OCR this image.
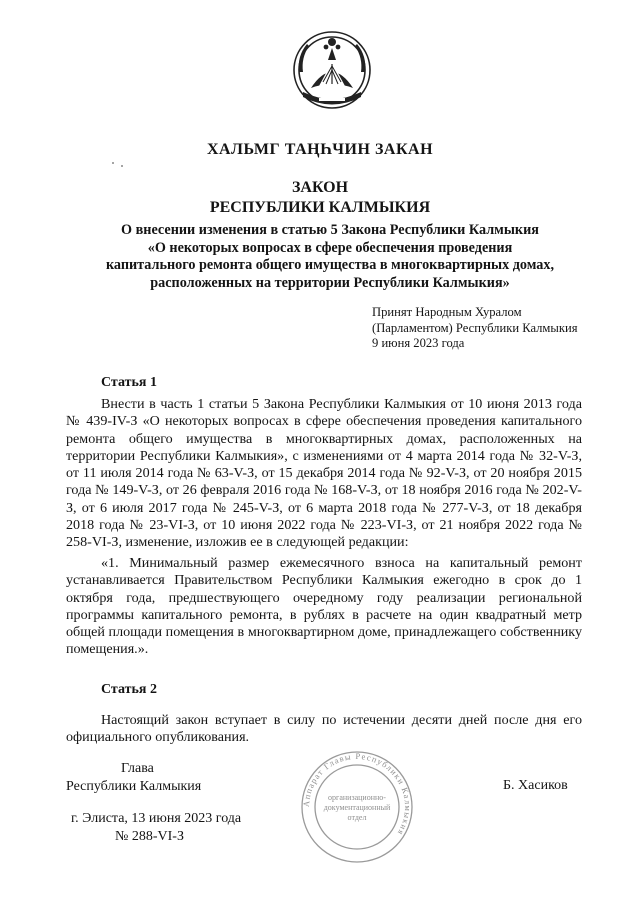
ХАЛЬМГ ТАҢҺЧИН ЗАКАН
ЗАКОН
РЕСПУБЛИКИ КАЛМЫКИЯ
О внесении изменения в статью 5 Закона Республики Калмыкия
«О некоторых вопросах в сфере обеспечения проведения
капитального ремонта общего имущества в многоквартирных домах,
расположенных на территории Республики Калмыкия»
Принят Народным Хуралом
(Парламентом) Республики Калмыкия
9 июня 2023 года
Статья 1
Внести в часть 1 статьи 5 Закона Республики Калмыкия от 10 июня 2013 года № 439-IV-З «О некоторых вопросах в сфере обеспечения проведения капитального ремонта общего имущества в многоквартирных домах, расположенных на территории Республики Калмыкия», с изменениями от 4 марта 2014 года № 32-V-З, от 11 июля 2014 года № 63-V-З, от 15 декабря 2014 года № 92-V-З, от 20 ноября 2015 года № 149-V-З, от 26 февраля 2016 года № 168-V-З, от 18 ноября 2016 года № 202-V-З, от 6 июля 2017 года № 245-V-З, от 6 марта 2018 года № 277-V-З, от 18 декабря 2018 года № 23-VI-З, от 10 июня 2022 года № 223-VI-З, от 21 ноября 2022 года № 258-VI-З, изменение, изложив ее в следующей редакции:
«1. Минимальный размер ежемесячного взноса на капитальный ремонт устанавливается Правительством Республики Калмыкия ежегодно в срок до 1 октября года, предшествующего очередному году реализации региональной программы капитального ремонта, в рублях в расчете на один квадратный метр общей площади помещения в многоквартирном доме, принадлежащего собственнику помещения.».
Статья 2
Настоящий закон вступает в силу по истечении десяти дней после дня его официального опубликования.
Аппарат Главы Республики Калмыкия
организационно-
документационный
отдел
Глава
Республики Калмыкия	Б. Хасиков
г. Элиста, 13 июня 2023 года
№ 288-VI-З
